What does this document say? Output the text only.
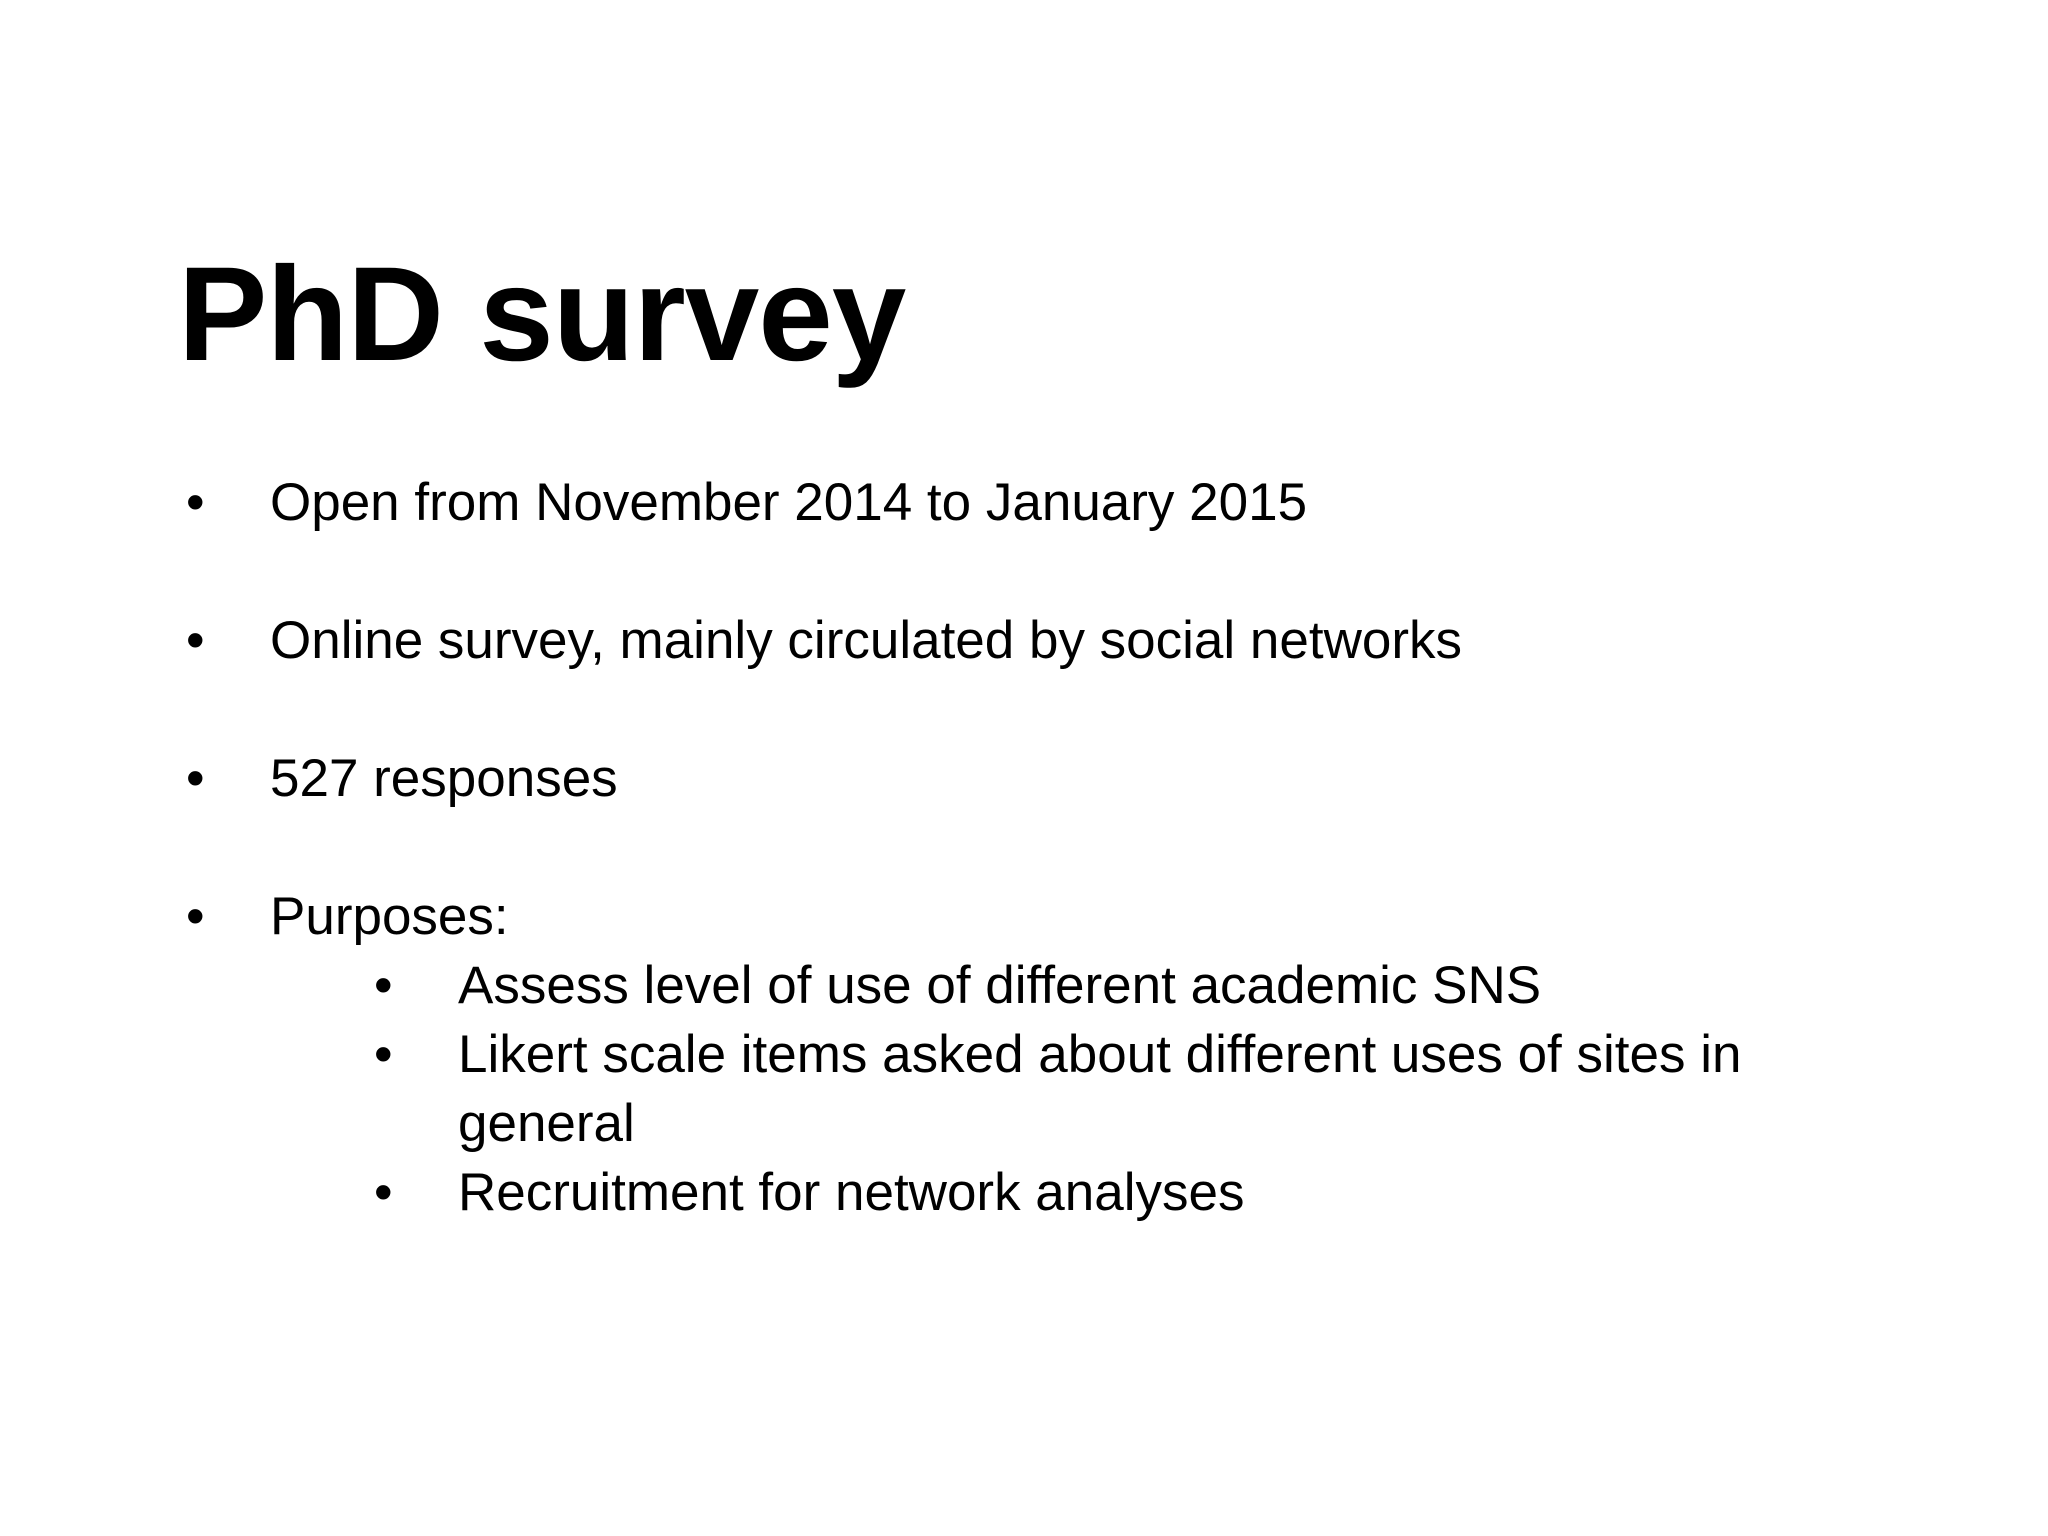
PhD survey
•	Open from November 2014 to January 2015
•	Online survey, mainly circulated by social networks
•	527 responses
•	Purposes:
•	Assess level of use of different academic SNS
•	Likert scale items asked about different uses of sites in general
•	Recruitment for network analyses
